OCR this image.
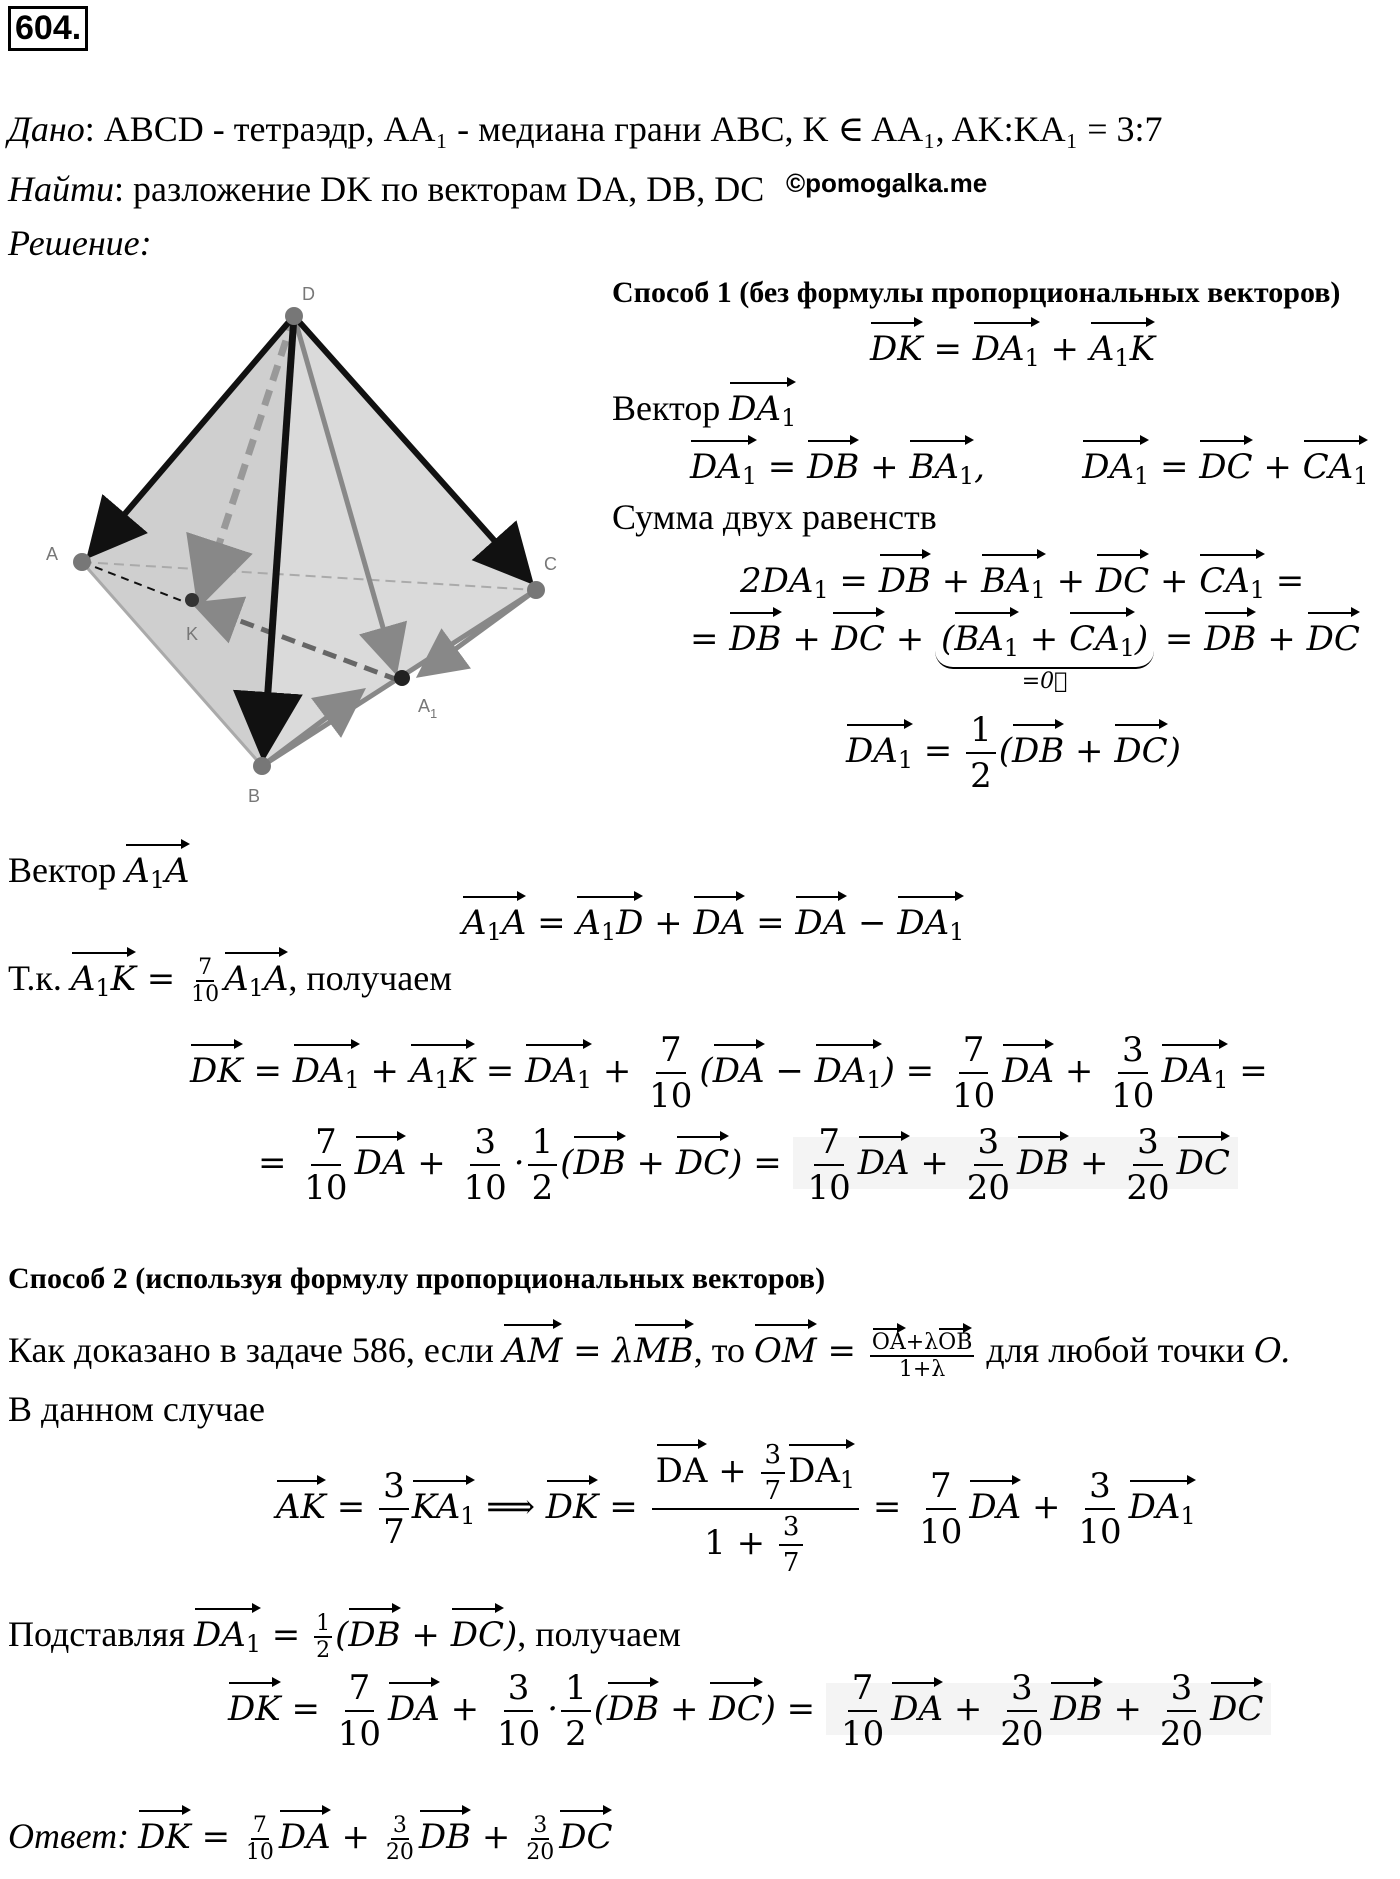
604.
Дано: ABCD - тетраэдр, AA₁ - медиана грани ABC, K ∈ AA₁, AK:KA₁ = 3:7
Найти: разложение DK по векторам DA, DB, DC ©pomogalka.me
Решение:
D
A	C
K
$A_1$
B
Способ 1 (без формулы пропорциональных векторов)
DK = $DA_1 + A_1K$
Вектор $DA_1$
$DA_1$ = DB + $BA_1$,         $DA_1$ = DC + $CA_1$
Сумма двух равенств
$2DA_1$ = DB + $BA_1$ + DC + $CA_1$ =
= DB + DC + $(BA_1 + CA_1)$
=0⃗
= DB + DC
$DA_1 = \frac{1}{2} (DB + DC)$
Вектор $A_1A$
$A_1A = A_1D$ + DA = DA − $DA_1$
Т.к. $A_1K = \frac{7}{10} A_1A$, получаем
DK = $DA_1 + A_1K = DA_1 + \frac{7}{10} (DA - DA_1) = \frac{7}{10}$ DA + $\frac{3}{10} DA_1$ =
= $\frac{7}{10}$ DA + $\frac{3}{10} \cdot \frac{1}{2} (DB + DC) = \frac{7}{10}$ DA + $\frac{3}{20}$ DB + $\frac{3}{20}$ DC
Способ 2 (используя формулу пропорциональных векторов)
Как доказано в задаче 586, если AM = λMB, то OM = $\frac{\text{OA+λOB}}{1+\lambda}$ для любой точки O.
В данном случае
AK = $\frac{3}{7} KA_1$ ⟹ DK = $\frac{DA + \frac{3}{7} DA_1}{1 + \frac{3}{7}} = \frac{7}{10}$ DA + $\frac{3}{10} DA_1$
Подставляя $DA_1 = \frac{1}{2} (DB + DC)$, получаем
DK = $\frac{7}{10}$ DA + $\frac{3}{10} \cdot \frac{1}{2} (DB + DC) = \frac{7}{10}$ DA + $\frac{3}{20}$ DB + $\frac{3}{20}$ DC
Ответ: DK = $\frac{7}{10}$ DA + $\frac{3}{20}$ DB + $\frac{3}{20}$ DC
